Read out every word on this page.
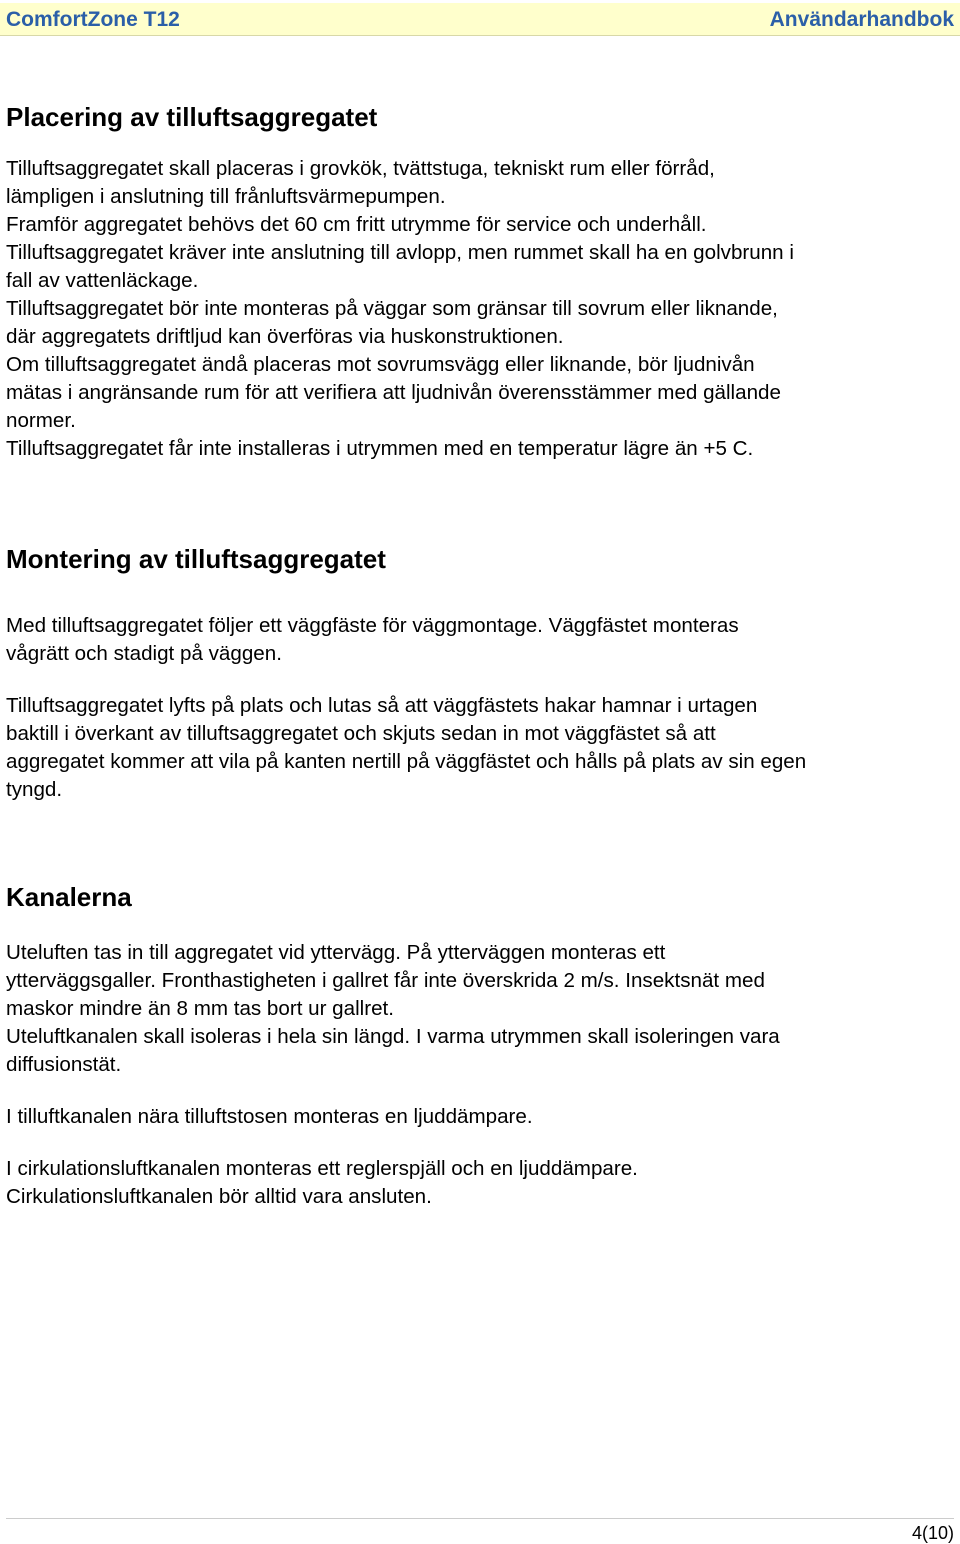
ComfortZone T12	Användarhandbok
Placering av tilluftsaggregatet
Tilluftsaggregatet skall placeras i grovkök, tvättstuga, tekniskt rum eller förråd,
lämpligen i anslutning till frånluftsvärmepumpen.
Framför aggregatet behövs det 60 cm fritt utrymme för service och underhåll.
Tilluftsaggregatet kräver inte anslutning till avlopp, men rummet skall ha en golvbrunn i
fall av vattenläckage.
Tilluftsaggregatet bör inte monteras på väggar som gränsar till sovrum eller liknande,
där aggregatets driftljud kan överföras via huskonstruktionen.
Om tilluftsaggregatet ändå placeras mot sovrumsvägg eller liknande, bör ljudnivån
mätas i angränsande rum för att verifiera att ljudnivån överensstämmer med gällande
normer.
Tilluftsaggregatet får inte installeras i utrymmen med en temperatur lägre än +5 C.
Montering av tilluftsaggregatet
Med tilluftsaggregatet följer ett väggfäste för väggmontage. Väggfästet monteras
vågrätt och stadigt på väggen.
Tilluftsaggregatet lyfts på plats och lutas så att väggfästets hakar hamnar i urtagen
baktill i överkant av tilluftsaggregatet och skjuts sedan in mot väggfästet så att
aggregatet kommer att vila på kanten nertill på väggfästet och hålls på plats av sin egen
tyngd.
Kanalerna
Uteluften tas in till aggregatet vid yttervägg. På ytterväggen monteras ett
ytterväggsgaller. Fronthastigheten i gallret får inte överskrida 2 m/s. Insektsnät med
maskor mindre än 8 mm tas bort ur gallret.
Uteluftkanalen skall isoleras i hela sin längd. I varma utrymmen skall isoleringen vara
diffusionstät.
I tilluftkanalen nära tilluftstosen monteras en ljuddämpare.
I cirkulationsluftkanalen monteras ett reglerspjäll och en ljuddämpare.
Cirkulationsluftkanalen bör alltid vara ansluten.
4(10)
